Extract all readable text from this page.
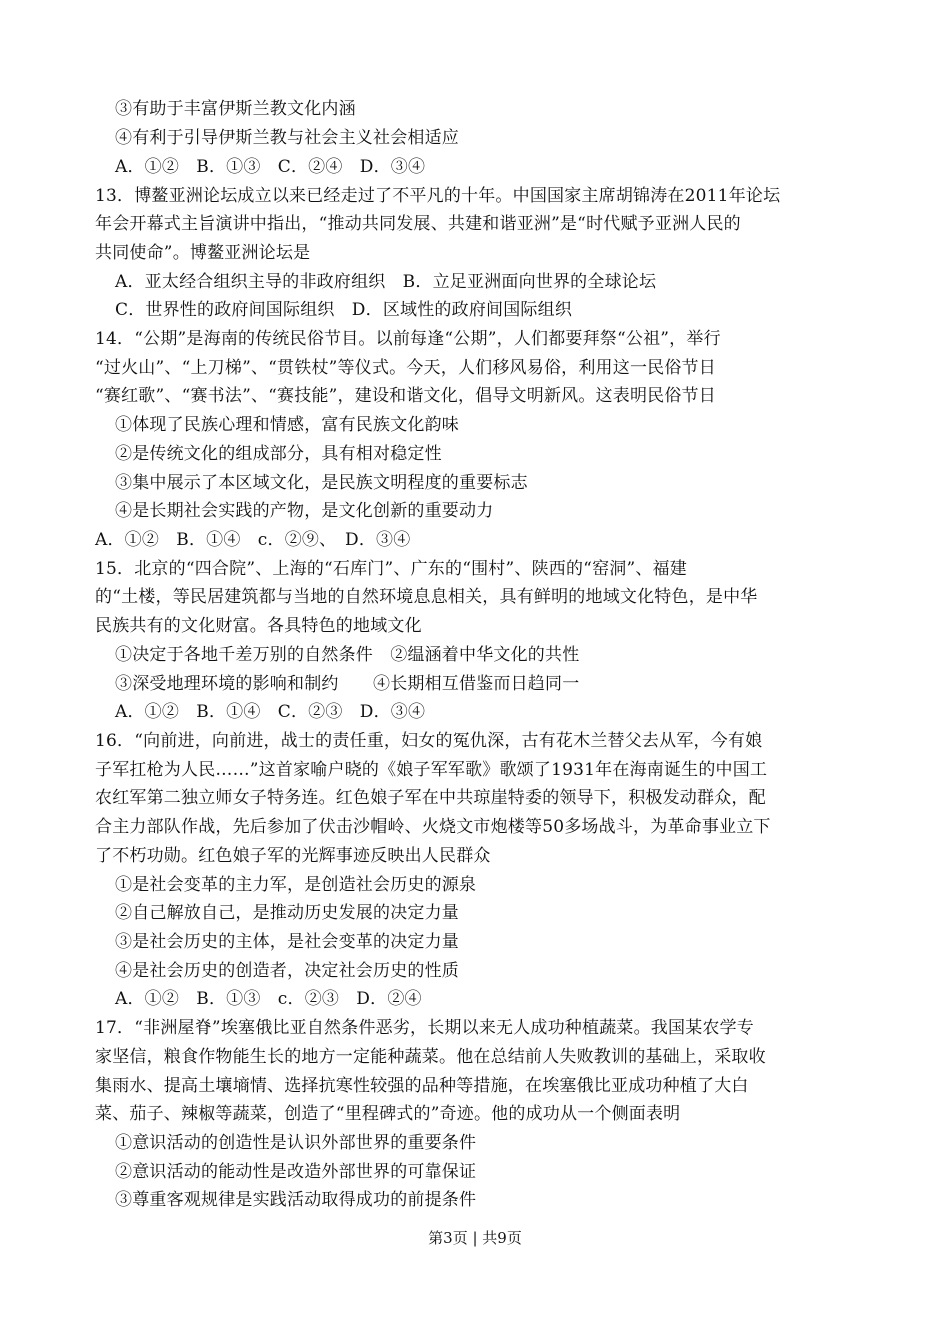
③有助于丰富伊斯兰教文化内涵
④有利于引导伊斯兰教与社会主义社会相适应
A．①②　B．①③　C．②④　D．③④
13．博鳌亚洲论坛成立以来已经走过了不平凡的十年。中国国家主席胡锦涛在2011年论坛
年会开幕式主旨演讲中指出，“推动共同发展、共建和谐亚洲”是“时代赋予亚洲人民的
共同使命”。博鳌亚洲论坛是
A．亚太经合组织主导的非政府组织　B．立足亚洲面向世界的全球论坛
C．世界性的政府间国际组织　D．区域性的政府间国际组织
14．“公期”是海南的传统民俗节目。以前每逢“公期”，人们都要拜祭“公祖”，举行
“过火山”、“上刀梯”、“贯铁杖”等仪式。今天，人们移风易俗，利用这一民俗节日
“赛红歌”、“赛书法”、“赛技能”，建设和谐文化，倡导文明新风。这表明民俗节日
①体现了民族心理和情感，富有民族文化韵味
②是传统文化的组成部分，具有相对稳定性
③集中展示了本区域文化，是民族文明程度的重要标志
④是长期社会实践的产物，是文化创新的重要动力
A．①②　B．①④　c．②⑨、　D．③④
15．北京的“四合院”、上海的“石库门”、广东的“围村”、陕西的“窑洞”、福建
的“土楼，等民居建筑都与当地的自然环境息息相关，具有鲜明的地域文化特色，是中华
民族共有的文化财富。各具特色的地域文化
①决定于各地千差万别的自然条件　②缊涵着中华文化的共性
③深受地理环境的影响和制约　　④长期相互借鉴而日趋同一
A．①②　B．①④　C．②③　D．③④
16．“向前进，向前进，战士的责任重，妇女的冤仇深，古有花木兰替父去从军，今有娘
子军扛枪为人民……”这首家喻户晓的《娘子军军歌》歌颂了1931年在海南诞生的中国工
农红军第二独立师女子特务连。红色娘子军在中共琼崖特委的领导下，积极发动群众，配
合主力部队作战，先后参加了伏击沙帽岭、火烧文市炮楼等50多场战斗，为革命事业立下
了不朽功勋。红色娘子军的光辉事迹反映出人民群众
①是社会变革的主力军，是创造社会历史的源泉
②自己解放自己，是推动历史发展的决定力量
③是社会历史的主体，是社会变革的决定力量
④是社会历史的创造者，决定社会历史的性质
A．①②　B．①③　c．②③　D．②④
17．“非洲屋脊”埃塞俄比亚自然条件恶劣，长期以来无人成功种植蔬菜。我国某农学专
家坚信，粮食作物能生长的地方一定能种蔬菜。他在总结前人失败教训的基础上，采取收
集雨水、提高土壤墒情、选择抗寒性较强的品种等措施，在埃塞俄比亚成功种植了大白
菜、茄子、辣椒等蔬菜，创造了“里程碑式的”奇迹。他的成功从一个侧面表明
①意识活动的创造性是认识外部世界的重要条件
②意识活动的能动性是改造外部世界的可靠保证
③尊重客观规律是实践活动取得成功的前提条件
第3页 | 共9页
